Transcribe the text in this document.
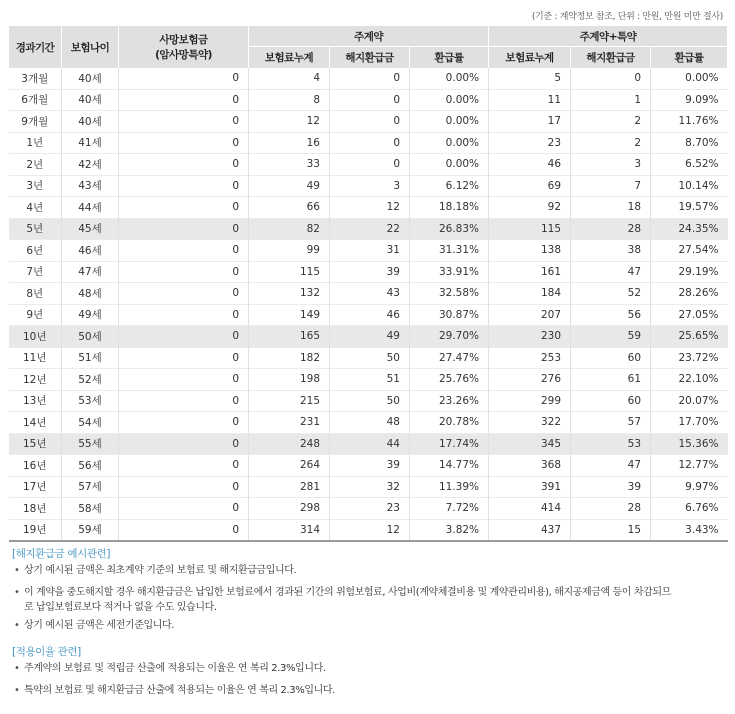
(기준 : 계약정보 참조, 단위 : 만원, 만원 미만 절사)
경과기간	보험나이	사망보험금
(암사망특약)	주계약			주계약+특약		
			보험료누계	해지환급금	환급률	보험료누계	해지환급금	환급률
3개월	40세	0	4	0	0.00%	5	0	0.00%
6개월	40세	0	8	0	0.00%	11	1	9.09%
9개월	40세	0	12	0	0.00%	17	2	11.76%
1년	41세	0	16	0	0.00%	23	2	8.70%
2년	42세	0	33	0	0.00%	46	3	6.52%
3년	43세	0	49	3	6.12%	69	7	10.14%
4년	44세	0	66	12	18.18%	92	18	19.57%
5년	45세	0	82	22	26.83%	115	28	24.35%
6년	46세	0	99	31	31.31%	138	38	27.54%
7년	47세	0	115	39	33.91%	161	47	29.19%
8년	48세	0	132	43	32.58%	184	52	28.26%
9년	49세	0	149	46	30.87%	207	56	27.05%
10년	50세	0	165	49	29.70%	230	59	25.65%
11년	51세	0	182	50	27.47%	253	60	23.72%
12년	52세	0	198	51	25.76%	276	61	22.10%
13년	53세	0	215	50	23.26%	299	60	20.07%
14년	54세	0	231	48	20.78%	322	57	17.70%
15년	55세	0	248	44	17.74%	345	53	15.36%
16년	56세	0	264	39	14.77%	368	47	12.77%
17년	57세	0	281	32	11.39%	391	39	9.97%
18년	58세	0	298	23	7.72%	414	28	6.76%
19년	59세	0	314	12	3.82%	437	15	3.43%
[해지환급금 예시관련]
• 상기 예시된 금액은 최초계약 기준의 보험료 및 해지환급금입니다.
• 이 계약을 중도해지할 경우 해지환급금은 납입한 보험료에서 경과된 기간의 위험보험료, 사업비(계약체결비용 및 계약관리비용), 해지공제금액 등이 차감되므
로 납입보험료보다 적거나 없을 수도 있습니다.
• 상기 예시된 금액은 세전기준입니다.
[적용이율 관련]
• 주계약의 보험료 및 적립금 산출에 적용되는 이율은 연 복리 2.3%입니다.
• 특약의 보험료 및 해지환급금 산출에 적용되는 이율은 연 복리 2.3%입니다.
